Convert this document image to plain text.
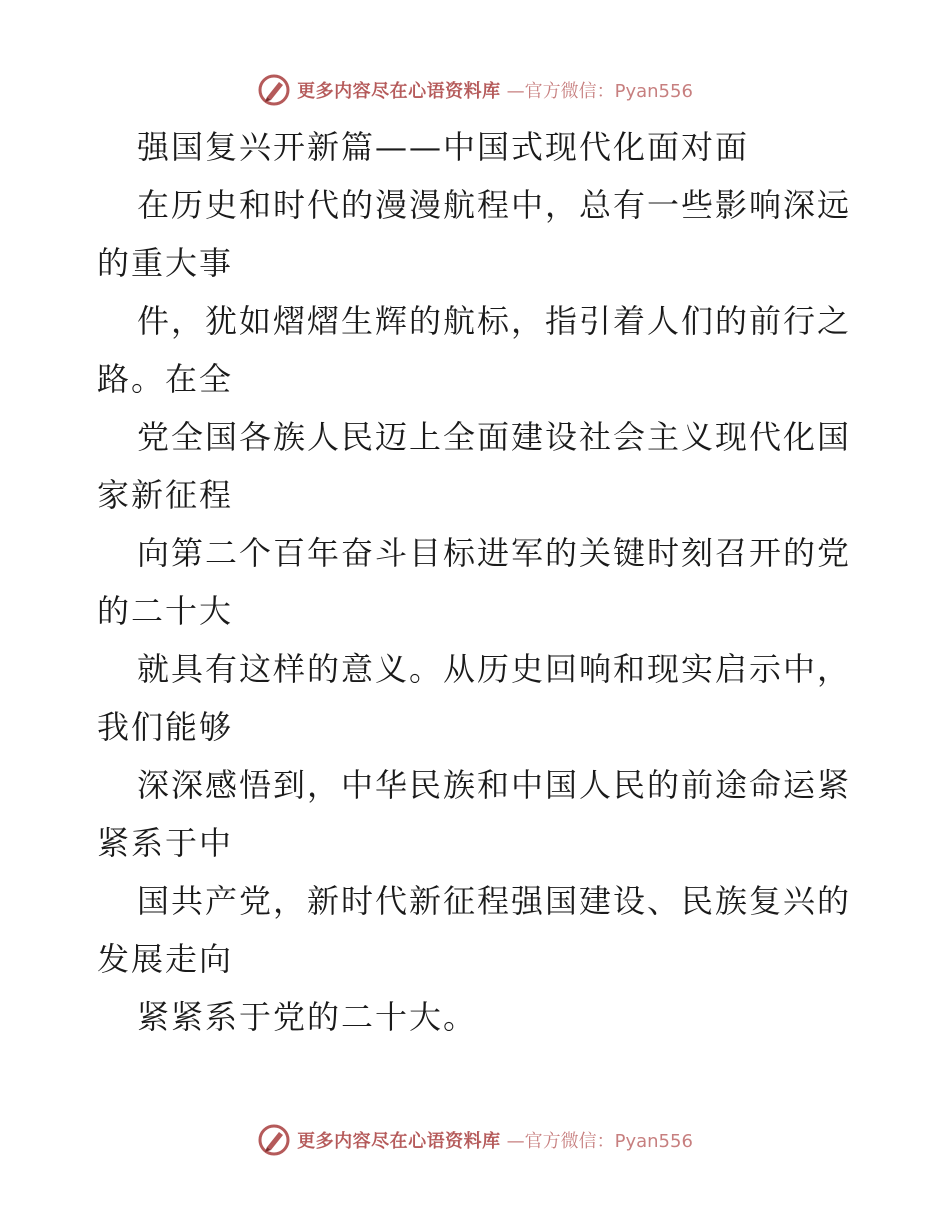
更多内容尽在心语资料库 —官方微信：Pyan556
强国复兴开新篇——中国式现代化面对面
在历史和时代的漫漫航程中，总有一些影响深远
的重大事
件，犹如熠熠生辉的航标，指引着人们的前行之
路。在全
党全国各族人民迈上全面建设社会主义现代化国
家新征程
向第二个百年奋斗目标进军的关键时刻召开的党
的二十大
就具有这样的意义。从历史回响和现实启示中，
我们能够
深深感悟到，中华民族和中国人民的前途命运紧
紧系于中
国共产党，新时代新征程强国建设、民族复兴的
发展走向
紧紧系于党的二十大。
更多内容尽在心语资料库 —官方微信：Pyan556
